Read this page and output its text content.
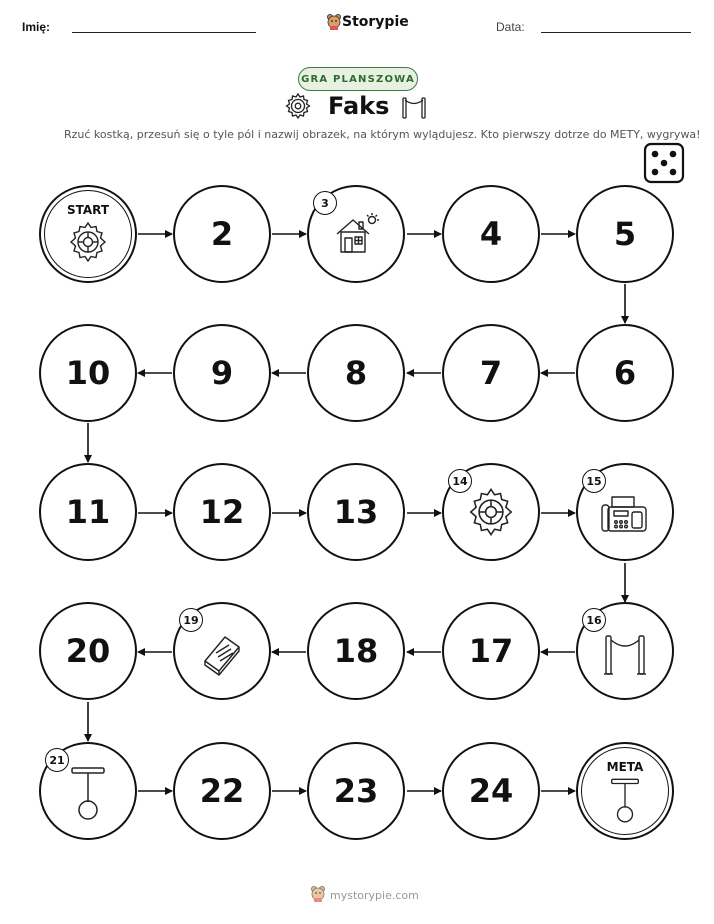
Imię:	Storypie	Data:
GRA PLANSZOWA
Faks
Rzuć kostką, przesuń się o tyle pól i nazwij obrazek, na którym wylądujesz. Kto pierwszy dotrze do METY, wygrywa!
START
2
3
4	5
6
7
8
9
10
11	12	13
14	15
16
17
18
19
20
21
22	23	24
META
mystorypie.com
